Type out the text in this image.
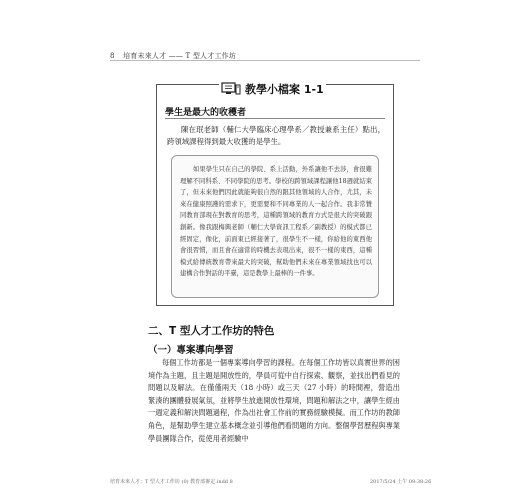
8 培育未來人才 —— T 型人才工作坊
教學小檔案 1-1
學生是最大的收穫者
陳在珉老師（輔仁大學臨床心理學系／教授兼系主任）點出，跨領域課程得到最大收獲的是學生。
如果學生只在自己的學院、系上活動，外系讓他不去涉，會很難理解不同科系、不同學院的思考。學校的跨領域課程讓他18週就結束了，但未來他們因此就能夠很自然的跟其他領域的人合作，尤其，未來在健康照護的需求下，更需要和不同專業的人一起合作。我非常贊同教育部現在對教育的思考，這種跨領域的教育方式是很大的突破跟創新。像我跟梅興老師（輔仁大學資訊工程系／副教授）的模式都已經固定，像化，前面東已經接著了，很學生不一樣，你給他的東西他會很習慣，而且會在適當的時機去表現出來，很不一樣的東西，這種模式給傳統教育帶來最大的突破，幫助他們未來在專業領域找也可以建構合作對話的平臺，這是教學上最棒的一件事。
二、T 型人才工作坊的特色
（一）專案導向學習
每個工作坊都是一個專案導向學習的課程。在每個工作坊皆以真實世界的困境作為主題，且主題是開放性的，學員可從中自行探索、觀察，並找出們看見的問題以及解法。在僅僅兩天（18 小時）或三天（27 小時）的時間裡，營造出緊湊的團體發展氣氛，並將學生放進開放性環境，問題和解法之中，讓學生經由一週定義和解決問題過程，作為出社會工作前的實務經驗模擬。而工作坊的教師角色，是幫助學生建立基本概念並引導他們看問題的方向。整個學習歷程與專業學員團隊合作，從使用者經驗中
培育未來人才：T 型人才工作坊 (0) 教育部審定.indd 8	2017/5/24 上午 09:38:26
